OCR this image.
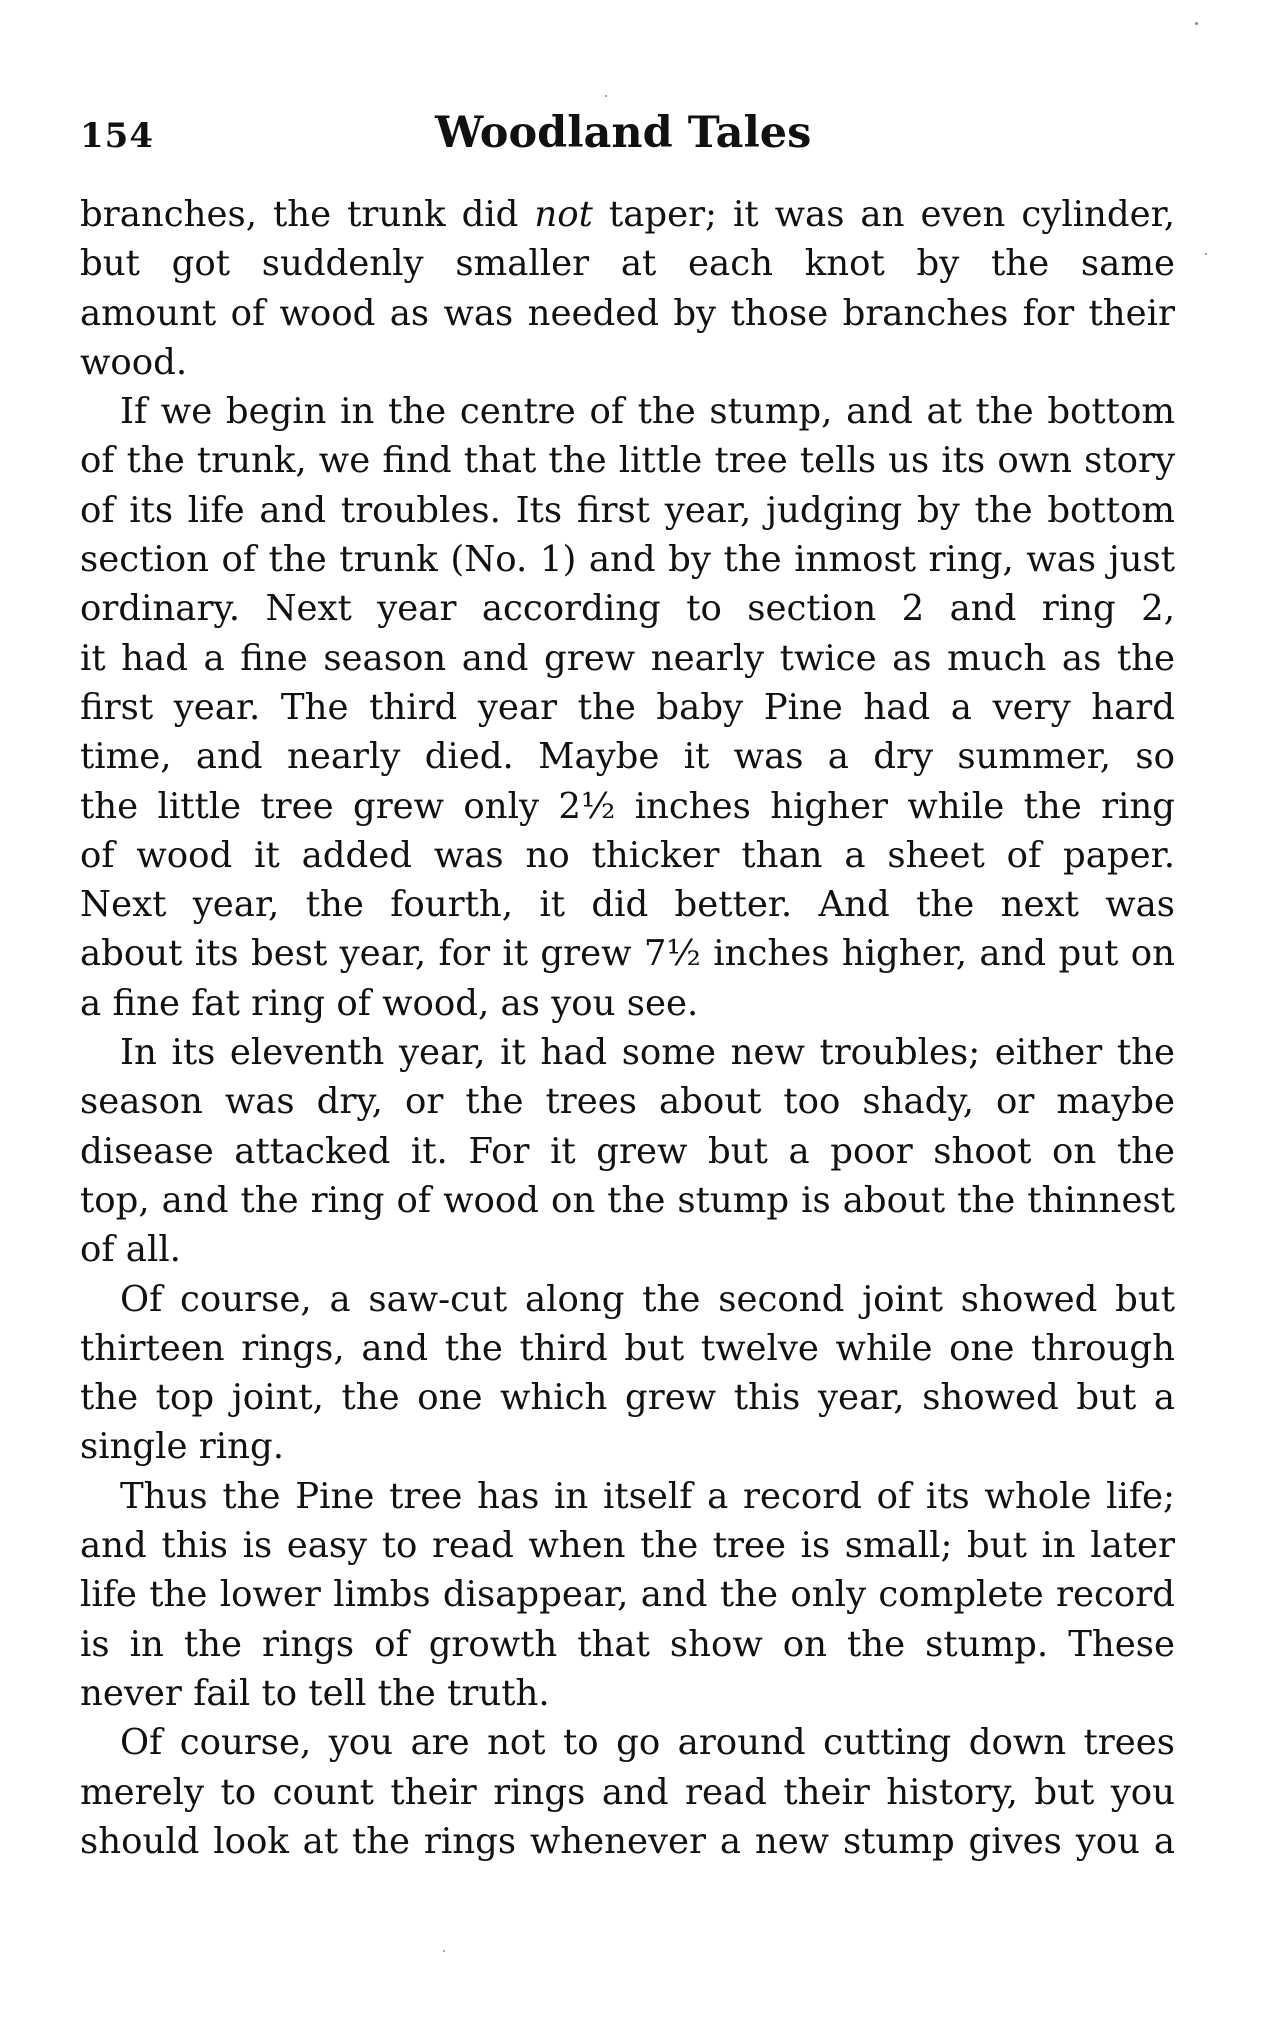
154	Woodland Tales
branches, the trunk did not taper; it was an even cylinder,
but got suddenly smaller at each knot by the same
amount of wood as was needed by those branches for their
wood.
If we begin in the centre of the stump, and at the bottom
of the trunk, we find that the little tree tells us its own story
of its life and troubles. Its first year, judging by the bottom
section of the trunk (No. 1) and by the inmost ring, was just
ordinary. Next year according to section 2 and ring 2,
it had a fine season and grew nearly twice as much as the
first year. The third year the baby Pine had a very hard
time, and nearly died. Maybe it was a dry summer, so
the little tree grew only 2½ inches higher while the ring
of wood it added was no thicker than a sheet of paper.
Next year, the fourth, it did better. And the next was
about its best year, for it grew 7½ inches higher, and put on
a fine fat ring of wood, as you see.
In its eleventh year, it had some new troubles; either the
season was dry, or the trees about too shady, or maybe
disease attacked it. For it grew but a poor shoot on the
top, and the ring of wood on the stump is about the thinnest
of all.
Of course, a saw-cut along the second joint showed but
thirteen rings, and the third but twelve while one through
the top joint, the one which grew this year, showed but a
single ring.
Thus the Pine tree has in itself a record of its whole life;
and this is easy to read when the tree is small; but in later
life the lower limbs disappear, and the only complete record
is in the rings of growth that show on the stump. These
never fail to tell the truth.
Of course, you are not to go around cutting down trees
merely to count their rings and read their history, but you
should look at the rings whenever a new stump gives you a
